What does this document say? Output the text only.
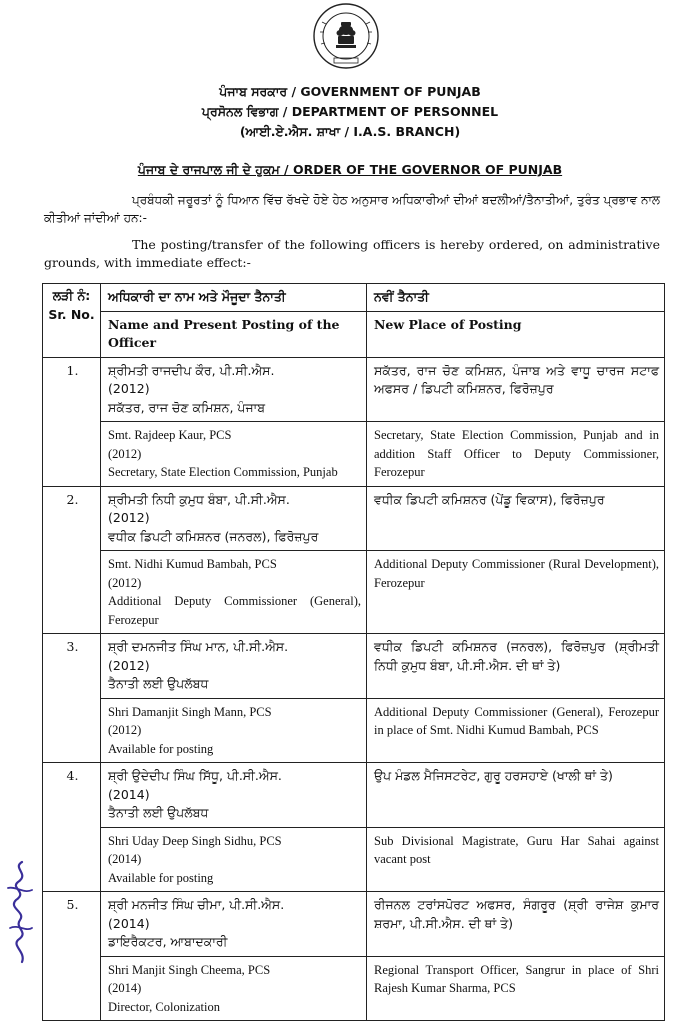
ਪੰਜਾਬ ਸਰਕਾਰ / GOVERNMENT OF PUNJAB
ਪ੍ਰਸੋਨਲ ਵਿਭਾਗ / DEPARTMENT OF PERSONNEL
(ਆਈ.ਏ.ਐਸ. ਸ਼ਾਖਾ / I.A.S. BRANCH)
ਪੰਜਾਬ ਦੇ ਰਾਜਪਾਲ ਜੀ ਦੇ ਹੁਕਮ / ORDER OF THE GOVERNOR OF PUNJAB
ਪ੍ਰਬੰਧਕੀ ਜਰੂਰਤਾਂ ਨੂੰ ਧਿਆਨ ਵਿੱਚ ਰੱਖਦੇ ਹੋਏ ਹੇਠ ਅਨੁਸਾਰ ਅਧਿਕਾਰੀਆਂ ਦੀਆਂ ਬਦਲੀਆਂ/ਤੈਨਾਤੀਆਂ, ਤੁਰੰਤ ਪ੍ਰਭਾਵ ਨਾਲ ਕੀਤੀਆਂ ਜਾਂਦੀਆਂ ਹਨ:-
The posting/transfer of the following officers is hereby ordered, on administrative grounds, with immediate effect:-
ਲੜੀ ਨੰ:
Sr. No.	ਅਧਿਕਾਰੀ ਦਾ ਨਾਮ ਅਤੇ ਮੌਜੂਦਾ ਤੈਨਾਤੀ	ਨਵੀਂ ਤੈਨਾਤੀ
	Name and Present Posting of the Officer	New Place of Posting
1.	ਸ਼੍ਰੀਮਤੀ ਰਾਜਦੀਪ ਕੌਰ, ਪੀ.ਸੀ.ਐਸ.
(2012)
ਸਕੱਤਰ, ਰਾਜ ਚੋਣ ਕਮਿਸ਼ਨ, ਪੰਜਾਬ	ਸਕੱਤਰ, ਰਾਜ ਚੋਣ ਕਮਿਸ਼ਨ, ਪੰਜਾਬ ਅਤੇ ਵਾਧੂ ਚਾਰਜ ਸਟਾਫ ਅਫਸਰ / ਡਿਪਟੀ ਕਮਿਸ਼ਨਰ, ਫਿਰੋਜ਼ਪੁਰ

	Smt. Rajdeep Kaur, PCS
(2012)
Secretary, State Election Commission, Punjab	Secretary, State Election Commission, Punjab and in addition Staff Officer to Deputy Commissioner, Ferozepur
2.	ਸ਼੍ਰੀਮਤੀ ਨਿਧੀ ਕੁਮੁਧ ਬੰਬਾ, ਪੀ.ਸੀ.ਐਸ.
(2012)
ਵਧੀਕ ਡਿਪਟੀ ਕਮਿਸ਼ਨਰ (ਜਨਰਲ), ਫਿਰੋਜ਼ਪੁਰ	ਵਧੀਕ ਡਿਪਟੀ ਕਮਿਸ਼ਨਰ (ਪੇਂਡੂ ਵਿਕਾਸ), ਫਿਰੋਜ਼ਪੁਰ

	Smt. Nidhi Kumud Bambah, PCS
(2012)
Additional Deputy Commissioner (General), Ferozepur	Additional Deputy Commissioner (Rural Development), Ferozepur
3.	ਸ਼੍ਰੀ ਦਮਨਜੀਤ ਸਿੰਘ ਮਾਨ, ਪੀ.ਸੀ.ਐਸ.
(2012)
ਤੈਨਾਤੀ ਲਈ ਉਪਲੱਬਧ	ਵਧੀਕ ਡਿਪਟੀ ਕਮਿਸ਼ਨਰ (ਜਨਰਲ), ਫਿਰੋਜ਼ਪੁਰ (ਸ਼੍ਰੀਮਤੀ ਨਿਧੀ ਕੁਮੁਧ ਬੰਬਾ, ਪੀ.ਸੀ.ਐਸ. ਦੀ ਥਾਂ ਤੇ)

	Shri Damanjit Singh Mann, PCS
(2012)
Available for posting	Additional Deputy Commissioner (General), Ferozepur in place of Smt. Nidhi Kumud Bambah, PCS
4.	ਸ਼੍ਰੀ ਉਦੇਦੀਪ ਸਿੰਘ ਸਿੱਧੂ, ਪੀ.ਸੀ.ਐਸ.
(2014)
ਤੈਨਾਤੀ ਲਈ ਉਪਲੱਬਧ	ਉਪ ਮੰਡਲ ਮੈਜਿਸਟਰੇਟ, ਗੁਰੂ ਹਰਸਹਾਏ (ਖਾਲੀ ਥਾਂ ਤੇ)

	Shri Uday Deep Singh Sidhu, PCS
(2014)
Available for posting	Sub Divisional Magistrate, Guru Har Sahai against vacant post
5.	ਸ਼੍ਰੀ ਮਨਜੀਤ ਸਿੰਘ ਚੀਮਾ, ਪੀ.ਸੀ.ਐਸ.
(2014)
ਡਾਇਰੈਕਟਰ, ਆਬਾਦਕਾਰੀ	ਰੀਜਨਲ ਟਰਾਂਸਪੋਰਟ ਅਫਸਰ, ਸੰਗਰੂਰ (ਸ਼੍ਰੀ ਰਾਜੇਸ਼ ਕੁਮਾਰ ਸ਼ਰਮਾ, ਪੀ.ਸੀ.ਐਸ. ਦੀ ਥਾਂ ਤੇ)

	Shri Manjit Singh Cheema, PCS
(2014)
Director, Colonization	Regional Transport Officer, Sangrur in place of Shri Rajesh Kumar Sharma, PCS
